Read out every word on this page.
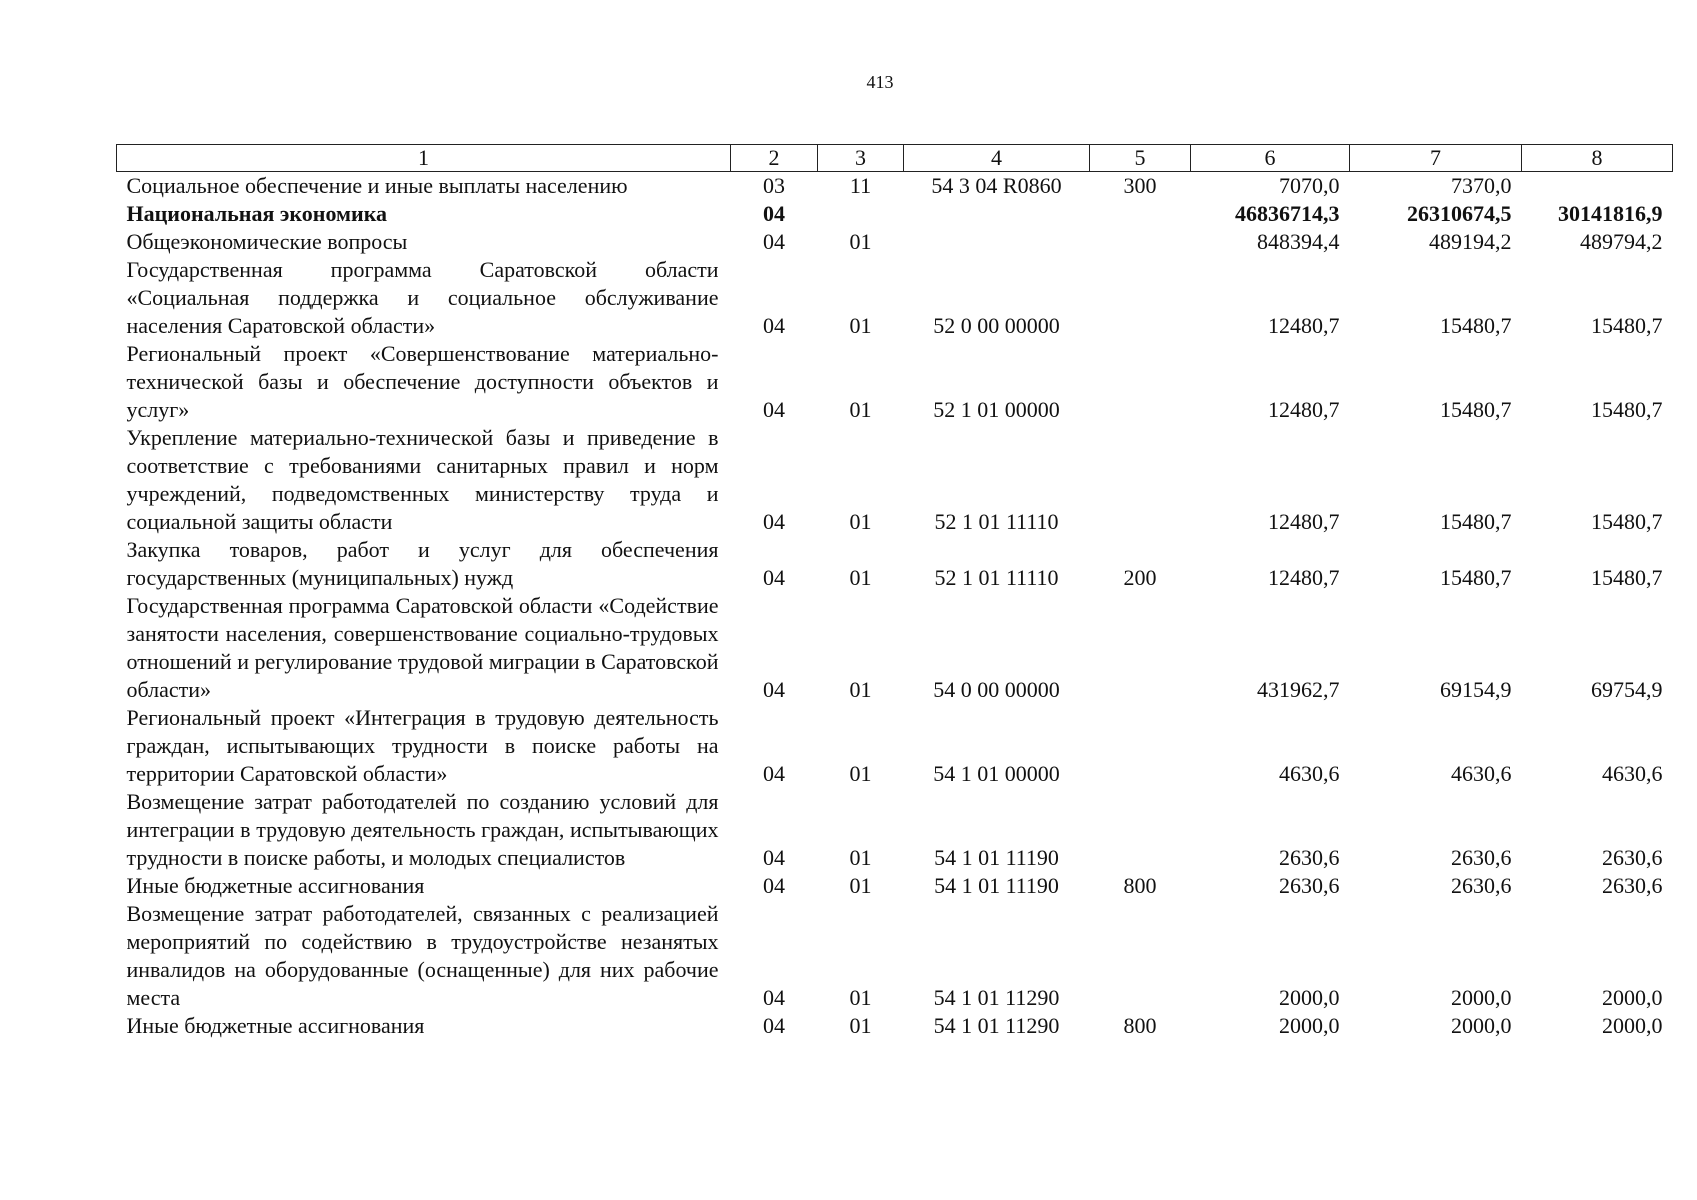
413
1	2	3	4	5	6	7	8
Социальное обеспечение и иные выплаты населению	03	11	54 3 04 R0860	300	7070,0	7370,0	
Национальная экономика	04				46836714,3	26310674,5	30141816,9
Общеэкономические вопросы	04	01			848394,4	489194,2	489794,2
Государственная программа Саратовской области «Социальная поддержка и социальное обслуживание населения Саратовской области»	04	01	52 0 00 00000		12480,7	15480,7	15480,7
Региональный проект «Совершенствование материально-технической базы и обеспечение доступности объектов и услуг»	04	01	52 1 01 00000		12480,7	15480,7	15480,7
Укрепление материально-технической базы и приведение в соответствие с требованиями санитарных правил и норм учреждений, подведомственных министерству труда и социальной защиты области	04	01	52 1 01 11110		12480,7	15480,7	15480,7
Закупка товаров, работ и услуг для обеспечения государственных (муниципальных) нужд	04	01	52 1 01 11110	200	12480,7	15480,7	15480,7
Государственная программа Саратовской области «Содействие занятости населения, совершенствование социально-трудовых отношений и регулирование трудовой миграции в Саратовской области»	04	01	54 0 00 00000		431962,7	69154,9	69754,9
Региональный проект «Интеграция в трудовую деятельность граждан, испытывающих трудности в поиске работы на территории Саратовской области»	04	01	54 1 01 00000		4630,6	4630,6	4630,6
Возмещение затрат работодателей по созданию условий для интеграции в трудовую деятельность граждан, испытывающих трудности в поиске работы, и молодых специалистов	04	01	54 1 01 11190		2630,6	2630,6	2630,6
Иные бюджетные ассигнования	04	01	54 1 01 11190	800	2630,6	2630,6	2630,6
Возмещение затрат работодателей, связанных с реализацией мероприятий по содействию в трудоустройстве незанятых инвалидов на оборудованные (оснащенные) для них рабочие места	04	01	54 1 01 11290		2000,0	2000,0	2000,0
Иные бюджетные ассигнования	04	01	54 1 01 11290	800	2000,0	2000,0	2000,0
